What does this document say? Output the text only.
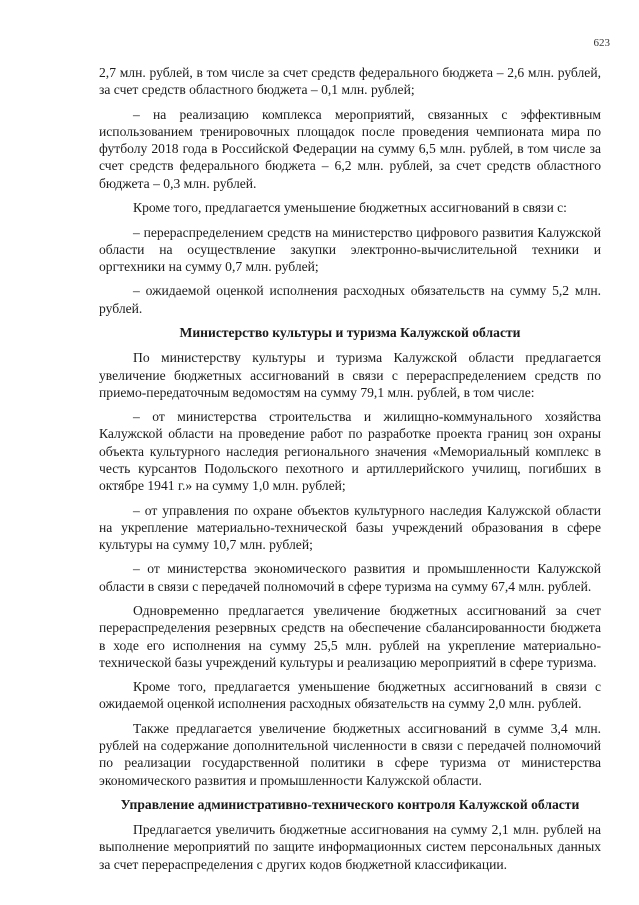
623

2,7 млн. рублей, в том числе за счет средств федерального бюджета – 2,6 млн. рублей, за счет средств областного бюджета – 0,1 млн. рублей;

– на реализацию комплекса мероприятий, связанных с эффективным использованием тренировочных площадок после проведения чемпионата мира по футболу 2018 года в Российской Федерации на сумму 6,5 млн. рублей, в том числе за счет средств федерального бюджета – 6,2 млн. рублей, за счет средств областного бюджета – 0,3 млн. рублей.

Кроме того, предлагается уменьшение бюджетных ассигнований в связи с:

– перераспределением средств на министерство цифрового развития Калужской области на осуществление закупки электронно-вычислительной техники и оргтехники на сумму 0,7 млн. рублей;

– ожидаемой оценкой исполнения расходных обязательств на сумму 5,2 млн. рублей.

Министерство культуры и туризма Калужской области

По министерству культуры и туризма Калужской области предлагается увеличение бюджетных ассигнований в связи с перераспределением средств по приемо-передаточным ведомостям на сумму 79,1 млн. рублей, в том числе:

– от министерства строительства и жилищно-коммунального хозяйства Калужской области на проведение работ по разработке проекта границ зон охраны объекта культурного наследия регионального значения «Мемориальный комплекс в честь курсантов Подольского пехотного и артиллерийского училищ, погибших в октябре 1941 г.» на сумму 1,0 млн. рублей;

– от управления по охране объектов культурного наследия Калужской области на укрепление материально-технической базы учреждений образования в сфере культуры на сумму 10,7 млн. рублей;

– от министерства экономического развития и промышленности Калужской области в связи с передачей полномочий в сфере туризма на сумму 67,4 млн. рублей.

Одновременно предлагается увеличение бюджетных ассигнований за счет перераспределения резервных средств на обеспечение сбалансированности бюджета в ходе его исполнения на сумму 25,5 млн. рублей на укрепление материально-технической базы учреждений культуры и реализацию мероприятий в сфере туризма.

Кроме того, предлагается уменьшение бюджетных ассигнований в связи с ожидаемой оценкой исполнения расходных обязательств на сумму 2,0 млн. рублей.

Также предлагается увеличение бюджетных ассигнований в сумме 3,4 млн. рублей на содержание дополнительной численности в связи с передачей полномочий по реализации государственной политики в сфере туризма от министерства экономического развития и промышленности Калужской области.

Управление административно-технического контроля Калужской области

Предлагается увеличить бюджетные ассигнования на сумму 2,1 млн. рублей на выполнение мероприятий по защите информационных систем персональных данных за счет перераспределения с других кодов бюджетной классификации.
